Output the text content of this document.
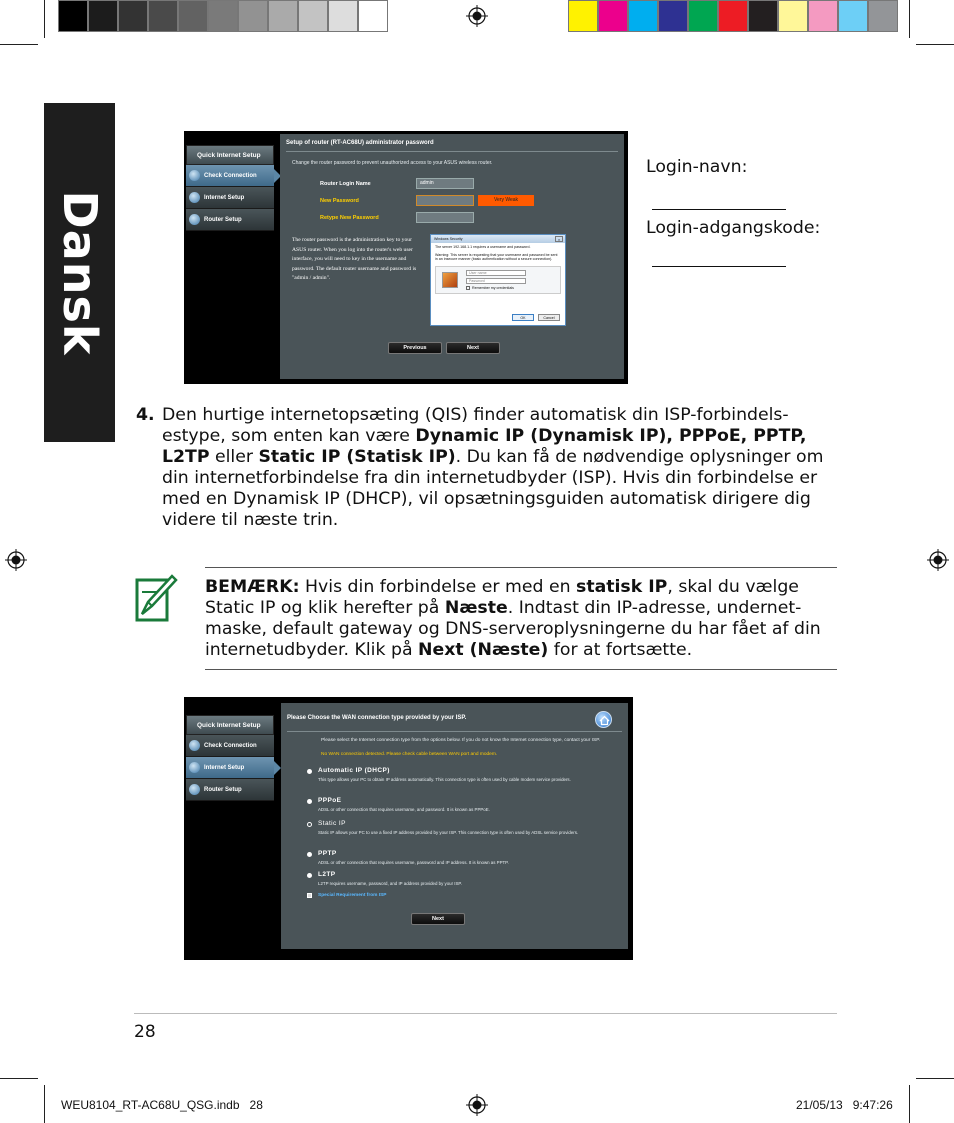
Dansk
Quick Internet Setup
Check Connection
Internet Setup
Router Setup
Setup of router (RT-AC68U) administrator password
Change the router password to prevent unauthorized access to your ASUS wireless router.
Router Login Name	admin
New Password	Very Weak
Retype New Password
The router password is the administration key to your ASUS router. When you log into the router's web user interface, you will need to key in the username and password. The default router username and password is "admin / admin".
Windows Security	×
The server 192.168.1.1 requires a username and password.
Warning: This server is requesting that your username and password be sent in an insecure manner (basic authentication without a secure connection).
User name
Password
Remember my credentials
OK	Cancel
Previous	Next
Login-navn:
Login-adgangskode:
4. Den hurtige internetopsæting (QIS) finder automatisk din ISP-forbindels-estype, som enten kan være Dynamic IP (Dynamisk IP), PPPoE, PPTP, L2TP eller Static IP (Statisk IP). Du kan få de nødvendige oplysninger om din internetforbindelse fra din internetudbyder (ISP). Hvis din forbindelse er med en Dynamisk IP (DHCP), vil opsætningsguiden automatisk dirigere dig videre til næste trin.
BEMÆRK: Hvis din forbindelse er med en statisk IP, skal du vælge Static IP og klik herefter på Næste. Indtast din IP-adresse, undernet-maske, default gateway og DNS-serveroplysningerne du har fået af din internetudbyder. Klik på Next (Næste) for at fortsætte.
Quick Internet Setup
Check Connection
Internet Setup
Router Setup
Please Choose the WAN connection type provided by your ISP.
Please select the Internet connection type from the options below. If you do not know the Internet connection type, contact your ISP.
No WAN connection detected. Please check cable between WAN port and modem.
Automatic IP (DHCP)
This type allows your PC to obtain IP address automatically. This connection type is often used by cable modem service providers.
PPPoE
ADSL or other connection that requires username, and password. It is known as PPPoE.
Static IP
Static IP allows your PC to use a fixed IP address provided by your ISP. This connection type is often used by ADSL service providers.
PPTP
ADSL or other connection that requires username, password and IP address. It is known as PPTP.
L2TP
L2TP requires username, password, and IP address provided by your ISP.
Special Requirement from ISP
Next
28
WEU8104_RT-AC68U_QSG.indb   28	21/05/13   9:47:26
